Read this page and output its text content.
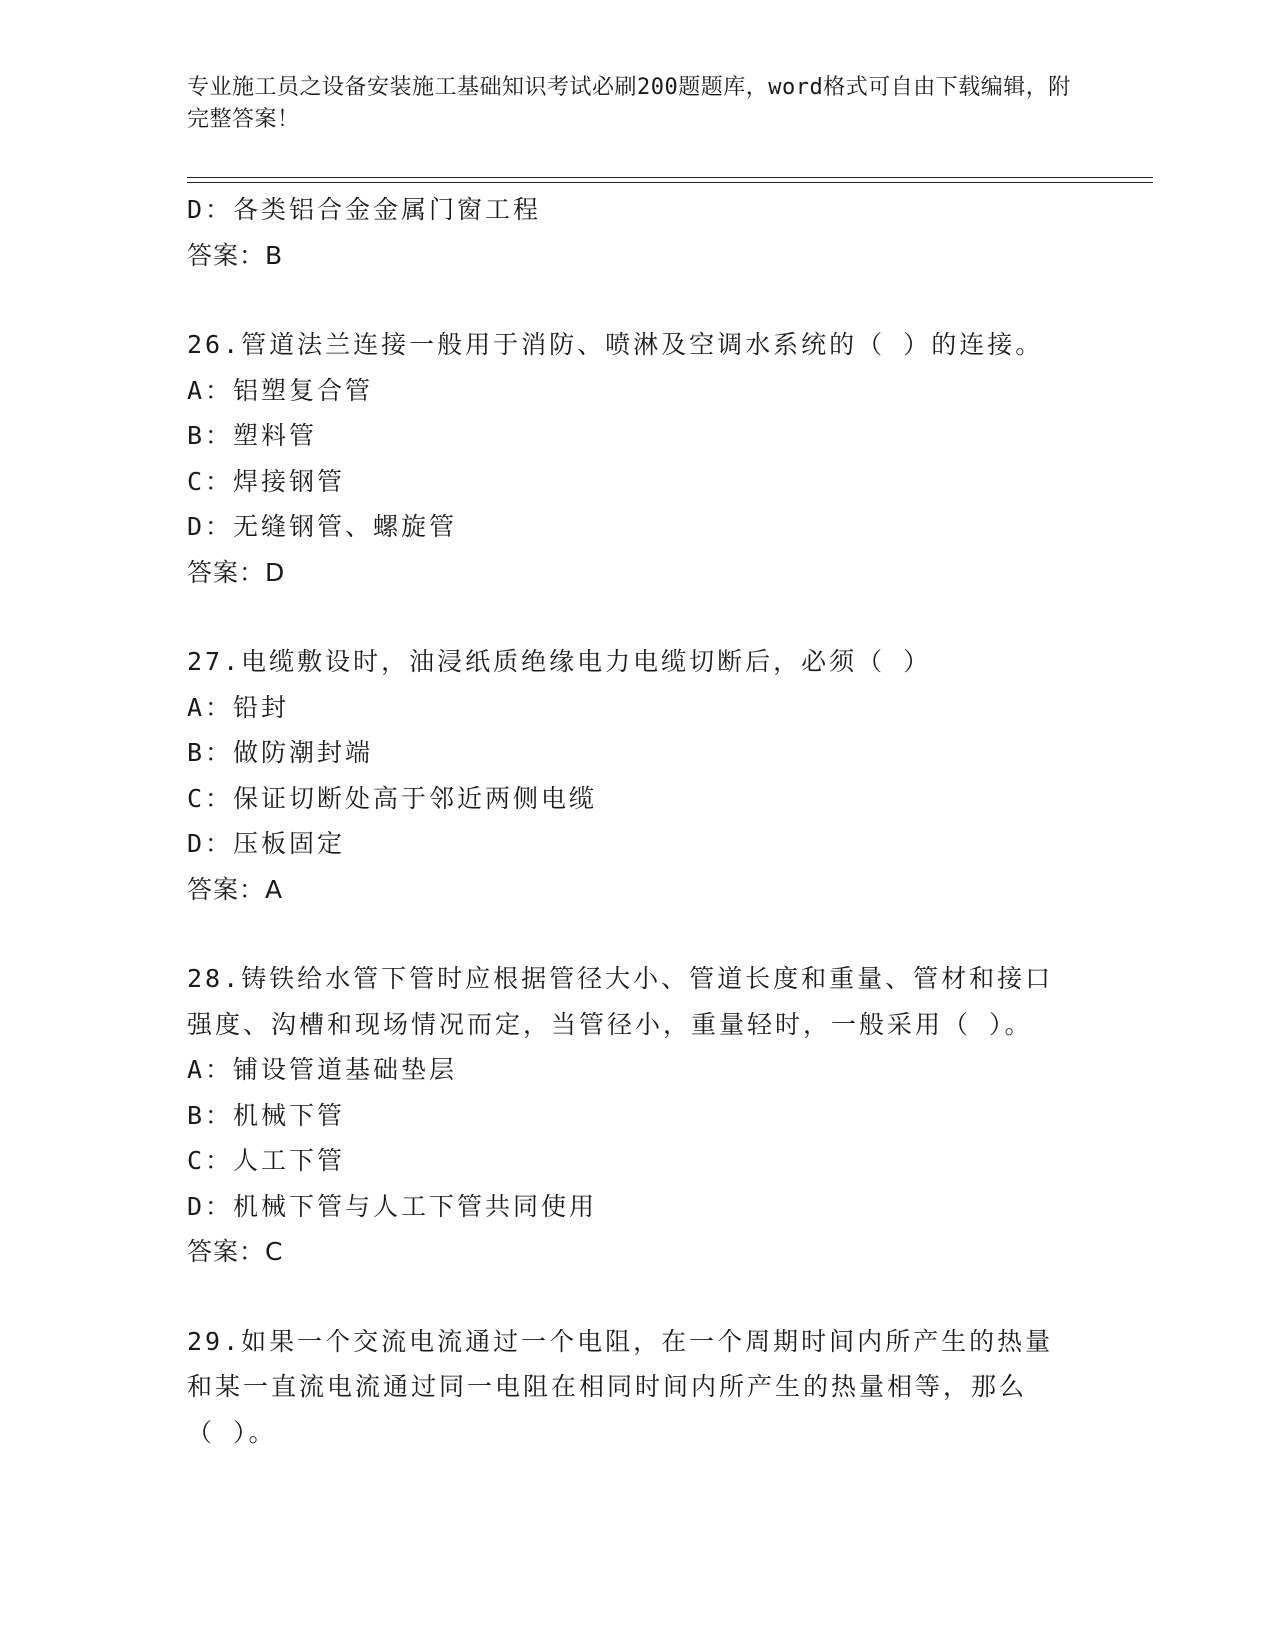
专业施工员之设备安装施工基础知识考试必刷200题题库，word格式可自由下载编辑，附完整答案！
D：各类铝合金金属门窗工程
答案：B
26.管道法兰连接一般用于消防、喷淋及空调水系统的（ ）的连接。
A：铝塑复合管
B：塑料管
C：焊接钢管
D：无缝钢管、螺旋管
答案：D
27.电缆敷设时，油浸纸质绝缘电力电缆切断后，必须（ ）
A：铅封
B：做防潮封端
C：保证切断处高于邻近两侧电缆
D：压板固定
答案：A
28.铸铁给水管下管时应根据管径大小、管道长度和重量、管材和接口
强度、沟槽和现场情况而定，当管径小，重量轻时，一般采用（ ）。
A：铺设管道基础垫层
B：机械下管
C：人工下管
D：机械下管与人工下管共同使用
答案：C
29.如果一个交流电流通过一个电阻，在一个周期时间内所产生的热量
和某一直流电流通过同一电阻在相同时间内所产生的热量相等，那么
（ ）。
